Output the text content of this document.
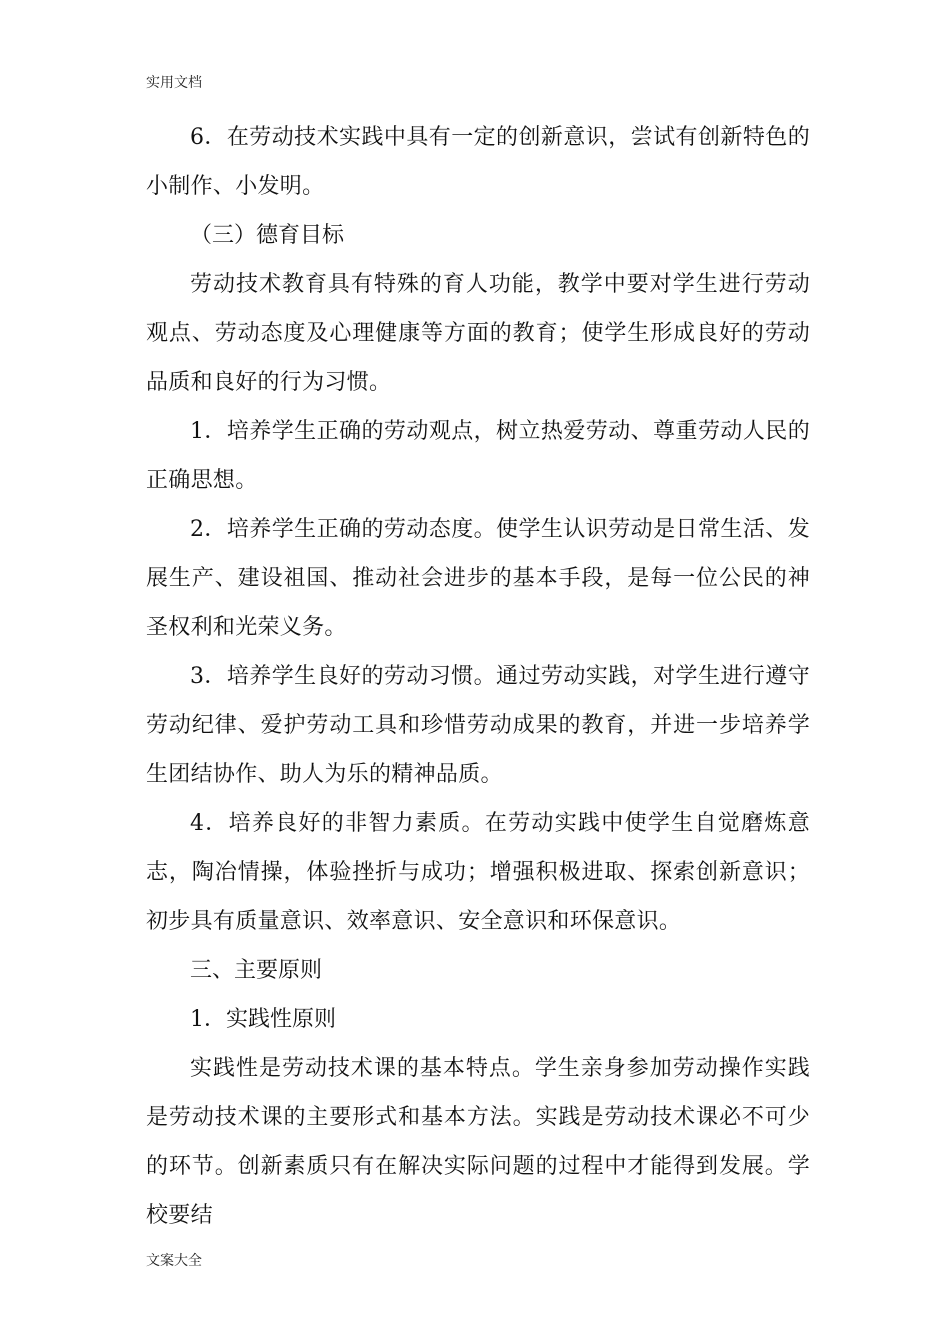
实用文档

6．在劳动技术实践中具有一定的创新意识，尝试有创新特色的小制作、小发明。

（三）德育目标

劳动技术教育具有特殊的育人功能，教学中要对学生进行劳动观点、劳动态度及心理健康等方面的教育；使学生形成良好的劳动品质和良好的行为习惯。

1．培养学生正确的劳动观点，树立热爱劳动、尊重劳动人民的正确思想。

2．培养学生正确的劳动态度。使学生认识劳动是日常生活、发展生产、建设祖国、推动社会进步的基本手段，是每一位公民的神圣权利和光荣义务。

3．培养学生良好的劳动习惯。通过劳动实践，对学生进行遵守劳动纪律、爱护劳动工具和珍惜劳动成果的教育，并进一步培养学生团结协作、助人为乐的精神品质。

4．培养良好的非智力素质。在劳动实践中使学生自觉磨炼意志，陶冶情操，体验挫折与成功；增强积极进取、探索创新意识；初步具有质量意识、效率意识、安全意识和环保意识。

三、主要原则

1．实践性原则

实践性是劳动技术课的基本特点。学生亲身参加劳动操作实践是劳动技术课的主要形式和基本方法。实践是劳动技术课必不可少的环节。创新素质只有在解决实际问题的过程中才能得到发展。学校要结

文案大全
